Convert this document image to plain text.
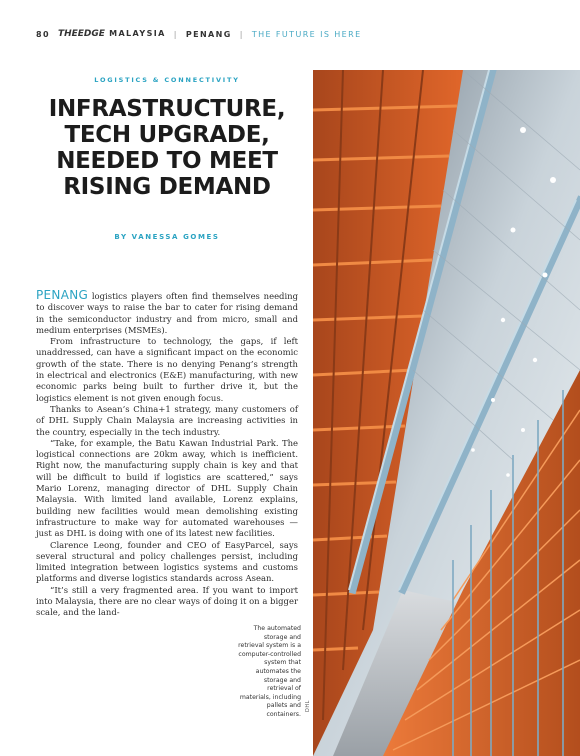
80 THEEDGE MALAYSIA | PENANG | THE FUTURE IS HERE
LOGISTICS & CONNECTIVITY
INFRASTRUCTURE, TECH UPGRADE, NEEDED TO MEET RISING DEMAND
BY VANESSA GOMES

PENANG logistics players often find themselves needing to discover ways to raise the bar to cater for rising demand in the semiconductor industry and from micro, small and medium enterprises (MSMEs).

From infrastructure to technology, the gaps, if left unaddressed, can have a significant impact on the economic growth of the state. There is no denying Penang’s strength in electrical and electronics (E&E) manufacturing, with new economic parks being built to further drive it, but the logistics element is not given enough focus.

Thanks to Asean’s China+1 strategy, many customers of of DHL Supply Chain Malaysia are increasing activities in the country, especially in the tech industry.

“Take, for example, the Batu Kawan Industrial Park. The logistical connections are 20km away, which is inefficient. Right now, the manufacturing supply chain is key and that will be difficult to build if logistics are scattered,” says Mario Lorenz, managing director of DHL Supply Chain Malaysia. With limited land available, Lorenz explains, building new facilities would mean demolishing existing infrastructure to make way for automated warehouses — just as DHL is doing with one of its latest new facilities.

Clarence Leong, founder and CEO of EasyParcel, says several structural and policy challenges persist, including limited integration between logistics systems and customs platforms and diverse logistics standards across Asean.

“It’s still a very fragmented area. If you want to import into Malaysia, there are no clear ways of doing it on a bigger scale, and the land-

The automated storage and retrieval system is a computer-controlled system that automates the storage and retrieval of materials, including pallets and containers.
DHL
